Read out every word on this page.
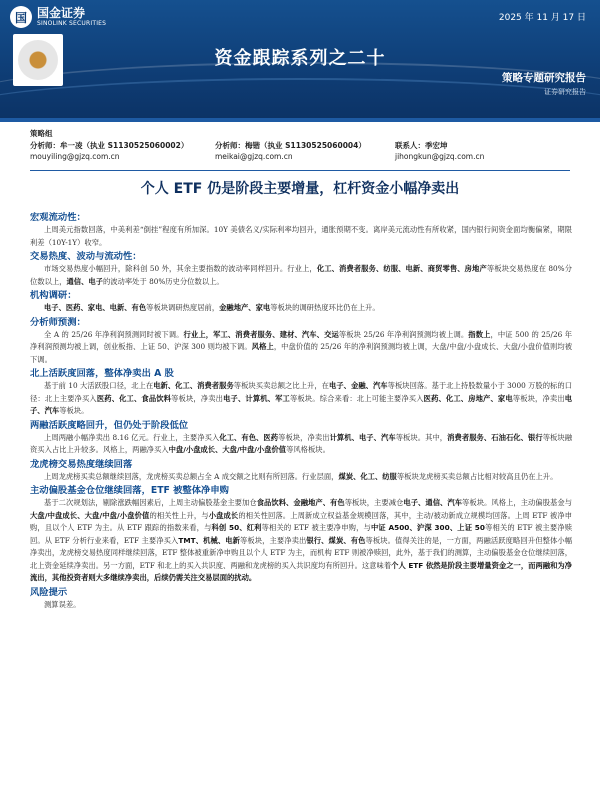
国 国金证券
SINOLINK SECURITIES	2025 年 11 月 17 日
资金跟踪系列之二十
策略专题研究报告
证券研究报告
策略组
分析师：牟一凌（执业 S1130525060002）
mouyiling@gjzq.com.cn
分析师：梅锴（执业 S1130525060004）
meikai@gjzq.com.cn
联系人：季宏坤
jihongkun@gjzq.com.cn
个人 ETF 仍是阶段主要增量，杠杆资金小幅净卖出
宏观流动性：
上周美元指数回落，中美利差“倒挂”程度有所加深。10Y 美债名义/实际利率均回升，通胀预期不变。离岸美元流动性有所收紧，国内银行间资金面均衡偏紧，期限利差（10Y-1Y）收窄。
交易热度、波动与流动性：
市场交易热度小幅回升，除科创 50 外，其余主要指数的波动率同样回升。行业上，化工、消费者服务、纺服、电新、商贸零售、房地产等板块交易热度在 80%分位数以上，通信、电子的波动率处于 80%历史分位数以上。
机构调研：
电子、医药、家电、电新、有色等板块调研热度居前，金融地产、家电等板块的调研热度环比仍在上升。
分析师预测：
全 A 的 25/26 年净利润预测同时被下调。行业上，军工、消费者服务、建材、汽车、交运等板块 25/26 年净利润预测均被上调。指数上，中证 500 的 25/26 年净利润预测均被上调，创业板指、上证 50、沪深 300 则均被下调。风格上，中盘价值的 25/26 年的净利润预测均被上调，大盘/中盘/小盘成长、大盘/小盘价值则均被下调。
北上活跃度回落，整体净卖出 A 股
基于前 10 大活跃股口径，北上在电新、化工、消费者服务等板块买卖总额之比上升，在电子、金融、汽车等板块回落。基于北上持股数量小于 3000 万股的标的口径：北上主要净买入医药、化工、食品饮料等板块，净卖出电子、计算机、军工等板块。综合来看：北上可能主要净买入医药、化工、房地产、家电等板块，净卖出电子、汽车等板块。
两融活跃度略回升，但仍处于阶段低位
上周两融小幅净卖出 8.16 亿元。行业上，主要净买入化工、有色、医药等板块，净卖出计算机、电子、汽车等板块。其中，消费者服务、石油石化、银行等板块融资买入占比上升较多。风格上，两融净买入中盘/小盘成长、大盘/中盘/小盘价值等风格板块。
龙虎榜交易热度继续回落
上周龙虎榜买卖总额继续回落，龙虎榜买卖总额占全 A 成交额之比则有所回落。行业层面，煤炭、化工、纺服等板块龙虎榜买卖总额占比相对较高且仍在上升。
主动偏股基金仓位继续回落，ETF 被整体净申购
基于二次规划法，剔除涨跌幅因素后，上周主动偏股基金主要加仓食品饮料、金融地产、有色等板块，主要减仓电子、通信、汽车等板块。风格上，主动偏股基金与大盘/中盘成长、大盘/中盘/小盘价值的相关性上升，与小盘成长的相关性回落。上周新成立权益基金规模回落，其中，主动/被动新成立规模均回落。上周 ETF 被净申购，且以个人 ETF 为主。从 ETF 跟踪的指数来看，与科创 50、红利等相关的 ETF 被主要净申购，与中证 A500、沪深 300、上证 50等相关的 ETF 被主要净赎回。从 ETF 分析行业来看，ETF 主要净买入TMT、机械、电新等板块，主要净卖出银行、煤炭、有色等板块。值得关注的是，一方面，两融活跃度略回升但整体小幅净卖出，龙虎榜交易热度同样继续回落，ETF 整体被重新净申购且以个人 ETF 为主，而机构 ETF 则被净赎回，此外，基于我们的测算，主动偏股基金仓位继续回落，北上资金延续净卖出。另一方面，ETF 和北上的买入共识度、两融和龙虎榜的买入共识度均有所回升。这意味着个人 ETF 依然是阶段主要增量资金之一，而两融和为净流出，其他投资者则大多继续净卖出，后续仍需关注交易层面的扰动。
风险提示
测算误差。
